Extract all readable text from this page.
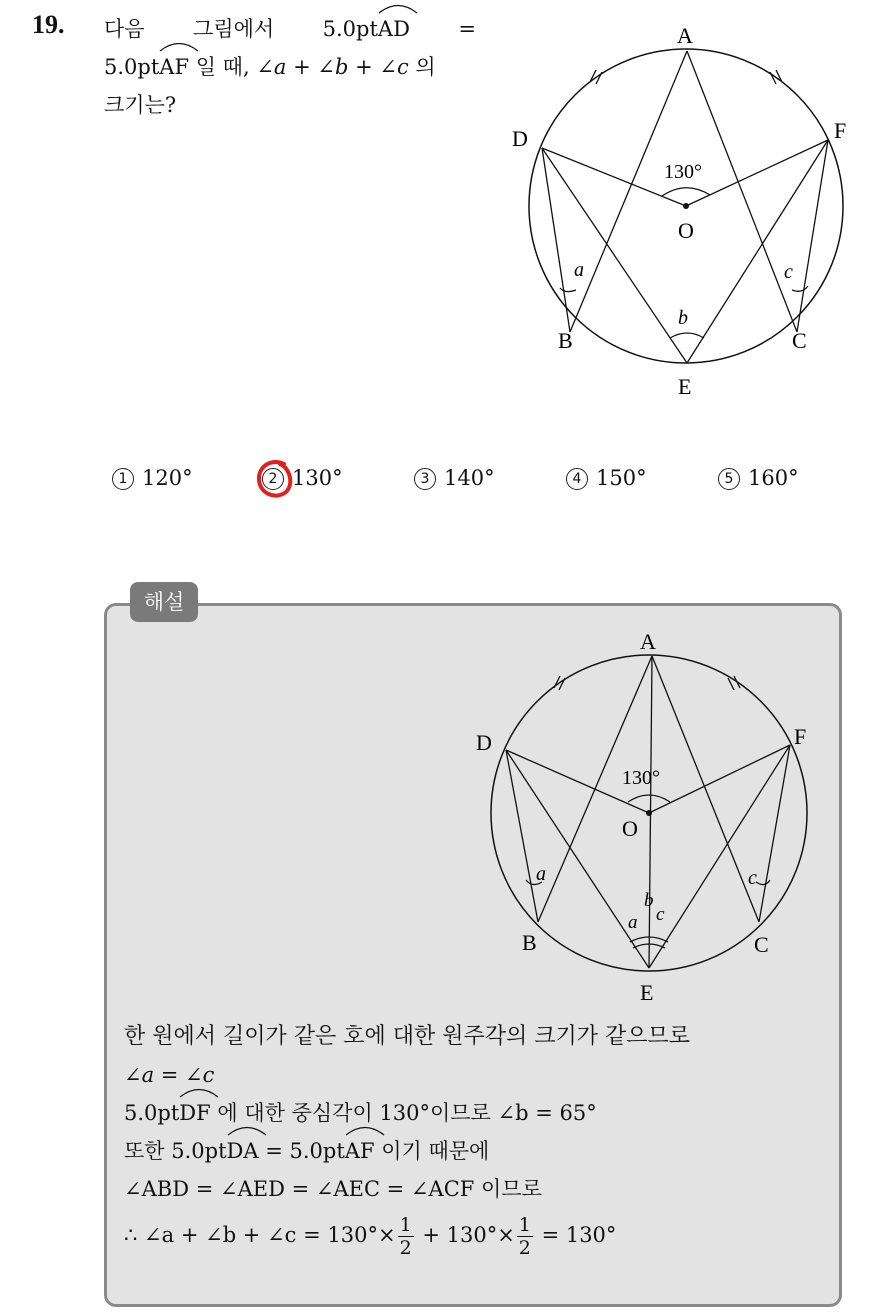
19. 다음 그림에서 5.0pt
AD =
5.0pt
AF 일 때, ∠a + ∠b + ∠c 의
크기는?
A
D	F
O
B	C
E
130°
a
b
c
1 120°	2 130°	3 140°	4 150°	5 160°
해설
A
D	F
O
B	C
E
130°
a	c
a
b
c
한 원에서 길이가 같은 호에 대한 원주각의 크기가 같으므로
∠a = ∠c
5.0pt
DF 에 대한 중심각이 130°이므로 ∠b = 65°
또한 5.0pt
DA = 5.0pt
AF 이기 때문에
∠ABD = ∠AED = ∠AEC = ∠ACF 이므로
∴ ∠a + ∠b + ∠c = $130^\circ\times \frac{1}{2} + 130^\circ\times \frac{1}{2} = 130^\circ$
